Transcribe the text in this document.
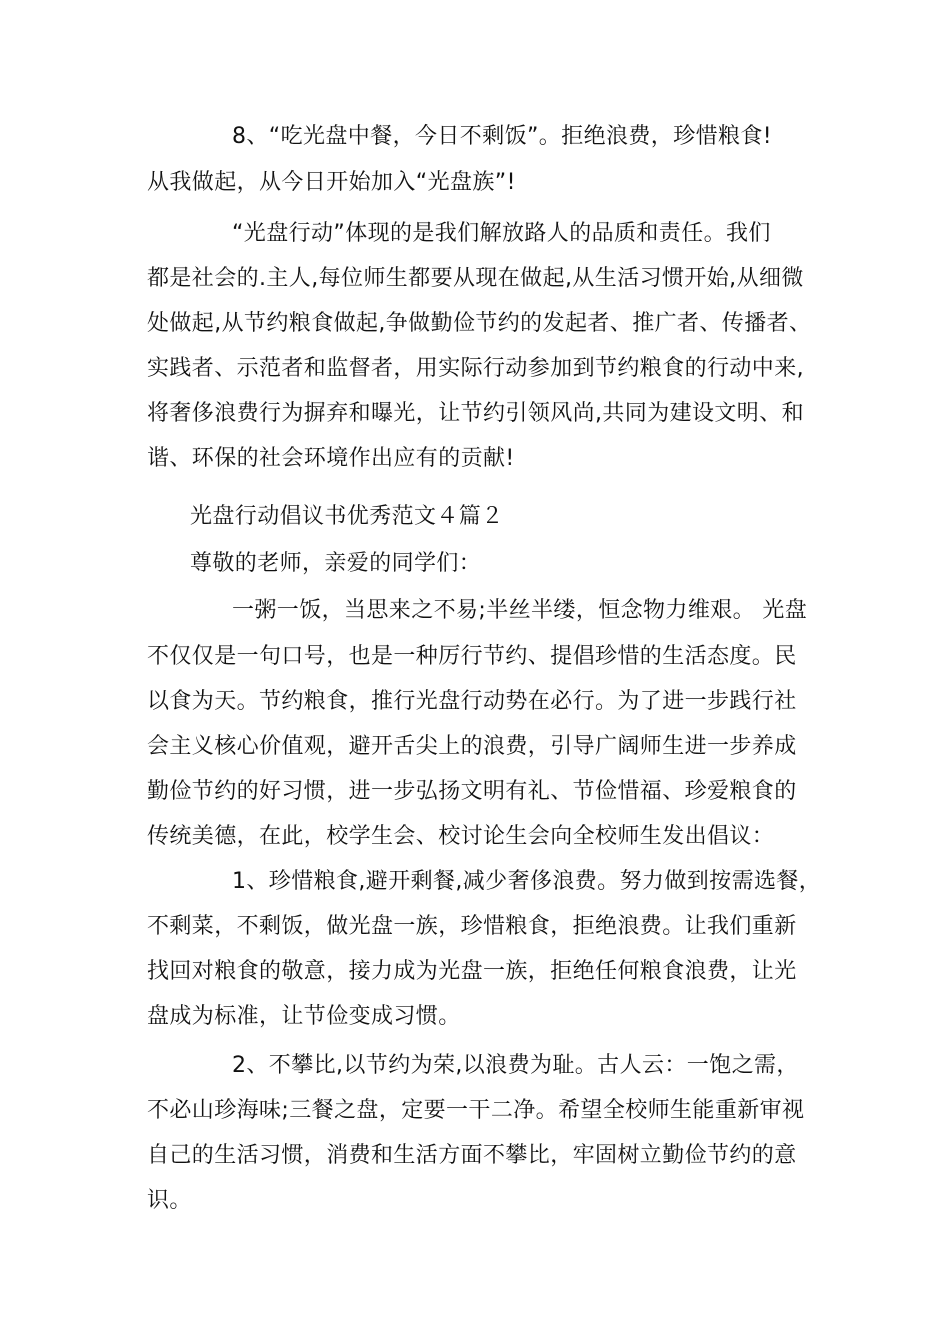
8、“吃光盘中餐，今日不剩饭”。拒绝浪费，珍惜粮食!
从我做起，从今日开始加入“光盘族”!
“光盘行动”体现的是我们解放路人的品质和责任。我们
都是社会的.主人,每位师生都要从现在做起,从生活习惯开始,从细微
处做起,从节约粮食做起,争做勤俭节约的发起者、推广者、传播者、
实践者、示范者和监督者，用实际行动参加到节约粮食的行动中来,
将奢侈浪费行为摒弃和曝光，让节约引领风尚,共同为建设文明、和
谐、环保的社会环境作出应有的贡献!
光盘行动倡议书优秀范文４篇２
尊敬的老师，亲爱的同学们：
一粥一饭，当思来之不易;半丝半缕，恒念物力维艰。 光盘
不仅仅是一句口号，也是一种厉行节约、提倡珍惜的生活态度。民
以食为天。节约粮食，推行光盘行动势在必行。为了进一步践行社
会主义核心价值观，避开舌尖上的浪费，引导广阔师生进一步养成
勤俭节约的好习惯，进一步弘扬文明有礼、节俭惜福、珍爱粮食的
传统美德，在此，校学生会、校讨论生会向全校师生发出倡议：
1、珍惜粮食,避开剩餐,减少奢侈浪费。努力做到按需选餐，
不剩菜，不剩饭，做光盘一族，珍惜粮食，拒绝浪费。让我们重新
找回对粮食的敬意，接力成为光盘一族，拒绝任何粮食浪费，让光
盘成为标准，让节俭变成习惯。
2、不攀比,以节约为荣,以浪费为耻。古人云：一饱之需，
不必山珍海味;三餐之盘，定要一干二净。希望全校师生能重新审视
自己的生活习惯，消费和生活方面不攀比，牢固树立勤俭节约的意
识。
